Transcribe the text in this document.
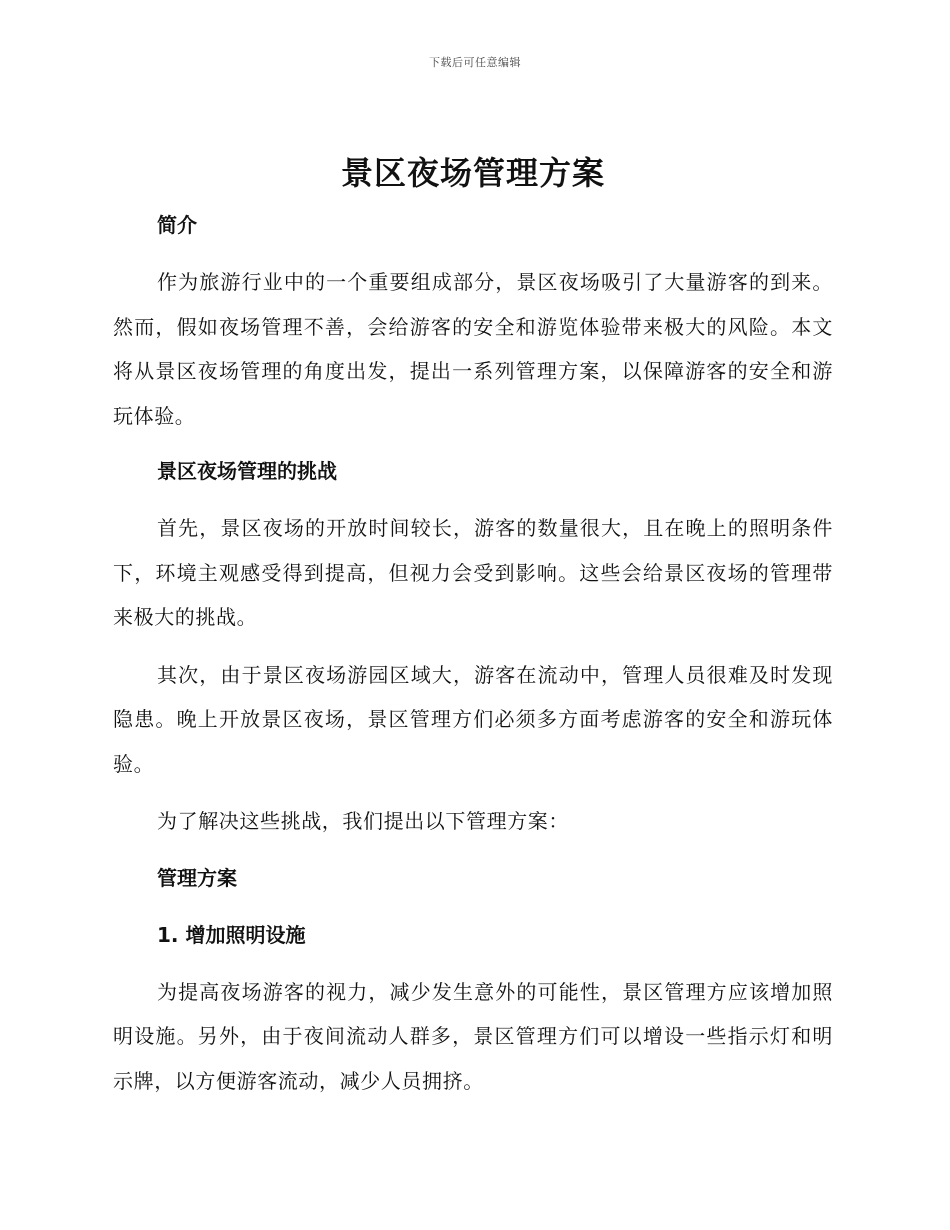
下载后可任意编辑
景区夜场管理方案
简介

作为旅游行业中的一个重要组成部分，景区夜场吸引了大量游客的到来。然而，假如夜场管理不善，会给游客的安全和游览体验带来极大的风险。本文将从景区夜场管理的角度出发，提出一系列管理方案，以保障游客的安全和游玩体验。

景区夜场管理的挑战

首先，景区夜场的开放时间较长，游客的数量很大，且在晚上的照明条件下，环境主观感受得到提高，但视力会受到影响。这些会给景区夜场的管理带来极大的挑战。

其次，由于景区夜场游园区域大，游客在流动中，管理人员很难及时发现隐患。晚上开放景区夜场，景区管理方们必须多方面考虑游客的安全和游玩体验。

为了解决这些挑战，我们提出以下管理方案：

管理方案
1. 增加照明设施

为提高夜场游客的视力，减少发生意外的可能性，景区管理方应该增加照明设施。另外，由于夜间流动人群多，景区管理方们可以增设一些指示灯和明示牌，以方便游客流动，减少人员拥挤。
